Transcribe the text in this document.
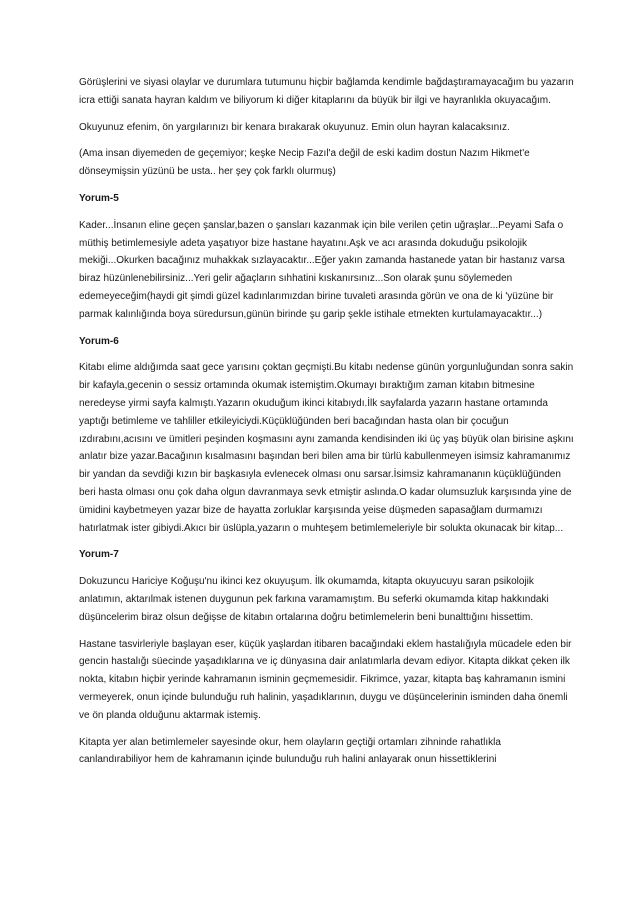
Görüşlerini ve siyasi olaylar ve durumlara tutumunu hiçbir bağlamda kendimle bağdaştıramayacağım bu yazarın icra ettiği sanata hayran kaldım ve biliyorum ki diğer kitaplarını da büyük bir ilgi ve hayranlıkla okuyacağım.

Okuyunuz efenim, ön yargılarınızı bir kenara bırakarak okuyunuz. Emin olun hayran kalacaksınız.

(Ama insan diyemeden de geçemiyor; keşke Necip Fazıl'a değil de eski kadim dostun Nazım Hikmet'e dönseymişsin yüzünü be usta.. her şey çok farklı olurmuş)

Yorum-5

Kader...İnsanın eline geçen şanslar,bazen o şansları kazanmak için bile verilen çetin uğraşlar...Peyami Safa o müthiş betimlemesiyle adeta yaşatıyor bize hastane hayatını.Aşk ve acı arasında dokuduğu psikolojik mekiği...Okurken bacağınız muhakkak sızlayacaktır...Eğer yakın zamanda hastanede yatan bir hastanız varsa biraz hüzünlenebilirsiniz...Yeri gelir ağaçların sıhhatini kıskanırsınız...Son olarak şunu söylemeden edemeyeceğim(haydi git şimdi güzel kadınlarımızdan birine tuvaleti arasında görün ve ona de ki 'yüzüne bir parmak kalınlığında boya süredursun,günün birinde şu garip şekle istihale etmekten kurtulamayacaktır...)

Yorum-6

Kitabı elime aldığımda saat gece yarısını çoktan geçmişti.Bu kitabı nedense günün yorgunluğundan sonra sakin bir kafayla,gecenin o sessiz ortamında okumak istemiştim.Okumayı bıraktığım zaman kitabın bitmesine neredeyse yirmi sayfa kalmıştı.Yazarın okuduğum ikinci kitabıydı.İlk sayfalarda yazarın hastane ortamında yaptığı betimleme ve tahliller etkileyiciydi.Küçüklüğünden beri bacağından hasta olan bir çocuğun ızdırabını,acısını ve ümitleri peşinden koşmasını aynı zamanda kendisinden iki üç yaş büyük olan birisine aşkını anlatır bize yazar.Bacağının kısalmasını başından beri bilen ama bir türlü kabullenmeyen isimsiz kahramanımız bir yandan da sevdiği kızın bir başkasıyla evlenecek olması onu sarsar.İsimsiz kahramananın küçüklüğünden beri hasta olması onu çok daha olgun davranmaya sevk etmiştir aslında.O kadar olumsuzluk karşısında yine de ümidini kaybetmeyen yazar bize de hayatta zorluklar karşısında yeise düşmeden sapasağlam durmamızı hatırlatmak ister gibiydi.Akıcı bir üslüpla,yazarın o muhteşem betimlemeleriyle bir solukta okunacak bir kitap...

Yorum-7

Dokuzuncu Hariciye Koğuşu'nu ikinci kez okuyuşum. İlk okumamda, kitapta okuyucuyu saran psikolojik anlatımın, aktarılmak istenen duygunun pek farkına varamamıştım. Bu seferki okumamda kitap hakkındaki düşüncelerim biraz olsun değişse de kitabın ortalarına doğru betimlemelerin beni bunalttığını hissettim.

Hastane tasvirleriyle başlayan eser, küçük yaşlardan itibaren bacağındaki eklem hastalığıyla mücadele eden bir gencin hastalığı süecinde yaşadıklarına ve iç dünyasına dair anlatımlarla devam ediyor. Kitapta dikkat çeken ilk nokta, kitabın hiçbir yerinde kahramanın isminin geçmemesidir. Fikrimce, yazar, kitapta baş kahramanın ismini vermeyerek, onun içinde bulunduğu ruh halinin, yaşadıklarının, duygu ve düşüncelerinin isminden daha önemli ve ön planda olduğunu aktarmak istemiş.

Kitapta yer alan betimlemeler sayesinde okur, hem olayların geçtiği ortamları zihninde rahatlıkla canlandırabiliyor hem de kahramanın içinde bulunduğu ruh halini anlayarak onun hissettiklerini
